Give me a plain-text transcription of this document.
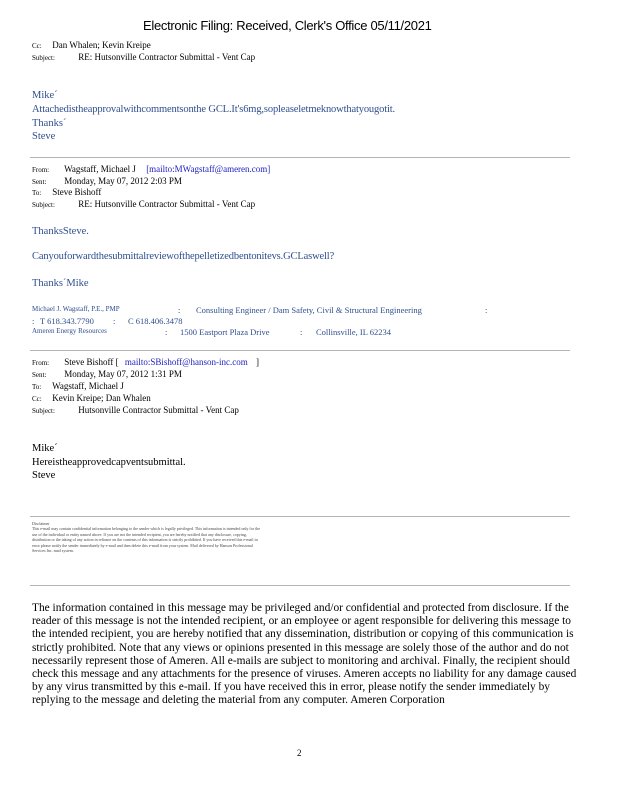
Electronic Filing: Received, Clerk's Office 05/11/2021
Cc: Dan Whalen; Kevin Kreipe
Subject:	RE: Hutsonville Contractor Submittal - Vent Cap
Mike´
Attachedistheapprovalwithcommentsonthe GCL.It's6mg,sopleaseletmeknowthatyougotit.
Thanks´
Steve
From: Wagstaff, Michael J [mailto:MWagstaff@ameren.com]
Sent: Monday, May 07, 2012 2:03 PM
To: Steve Bishoff
Subject:	RE: Hutsonville Contractor Submittal - Vent Cap
ThanksSteve.
Canyouforwardthesubmittalreviewofthepelletizedbentonitevs.GCLaswell?
Thanks´Mike
Michael J. Wagstaff, P.E., PMP	: Consulting Engineer / Dam Safety, Civil & Structural Engineering	:
: T 618.343.7790 : C 618.406.3478
Ameren Energy Resources	: 1500 Eastport Plaza Drive	: Collinsville, IL 62234
From: Steve Bishoff [ mailto:SBishoff@hanson-inc.com ]
Sent: Monday, May 07, 2012 1:31 PM
To: Wagstaff, Michael J
Cc: Kevin Kreipe; Dan Whalen
Subject:	Hutsonville Contractor Submittal - Vent Cap
Mike´
Hereistheapprovedcapventsubmittal.
Steve
Disclaimer
This e-mail may contain confidential information belonging to the sender which is legally privileged. This information is intended only for the use of the individual or entity named above. If you are not the intended recipient, you are hereby notified that any disclosure, copying, distribution or the taking of any action in reliance on the contents of this information is strictly prohibited. If you have received this e-mail in error please notify the sender immediately by e-mail and then delete this e-mail from your system. Mail delivered by Hanson Professional Services Inc. mail system.
The information contained in this message may be privileged and/or confidential and protected from disclosure. If the reader of this message is not the intended recipient, or an employee or agent responsible for delivering this message to the intended recipient, you are hereby notified that any dissemination, distribution or copying of this communication is strictly prohibited. Note that any views or opinions presented in this message are solely those of the author and do not necessarily represent those of Ameren. All e-mails are subject to monitoring and archival. Finally, the recipient should check this message and any attachments for the presence of viruses. Ameren accepts no liability for any damage caused by any virus transmitted by this e-mail. If you have received this in error, please notify the sender immediately by replying to the message and deleting the material from any computer. Ameren Corporation
2
